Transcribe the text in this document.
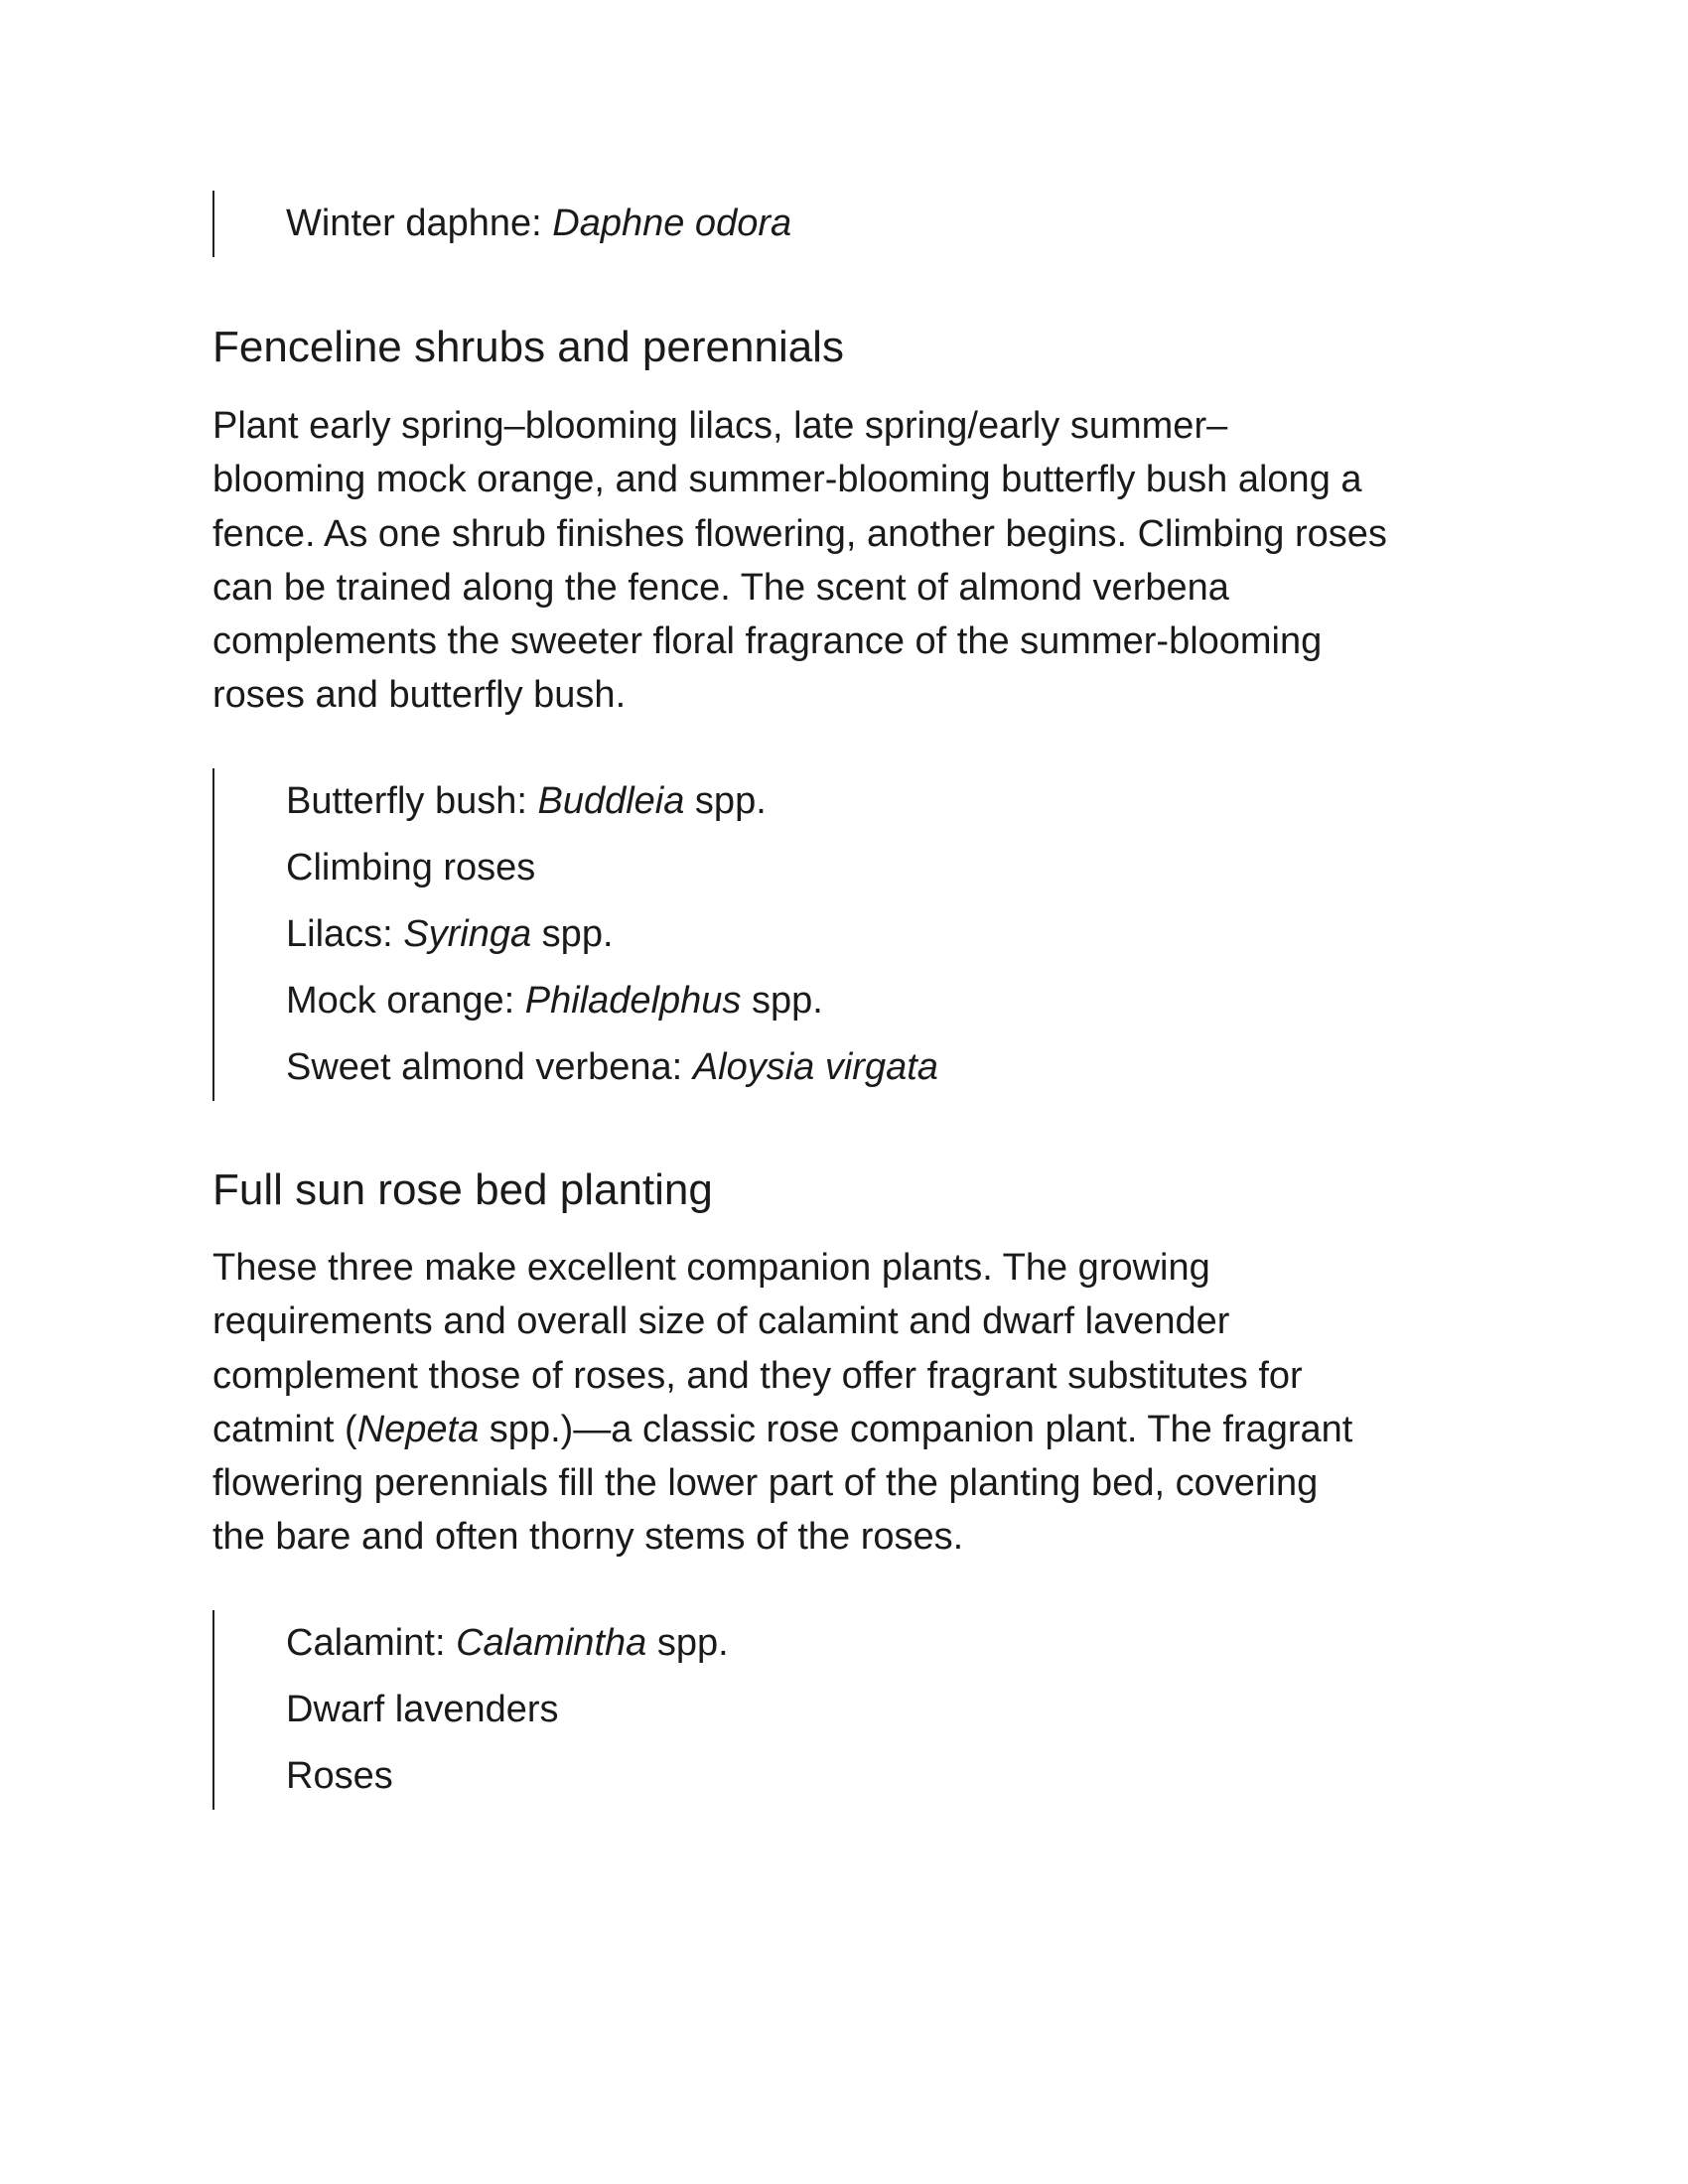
Winter daphne: Daphne odora
Fenceline shrubs and perennials
Plant early spring–blooming lilacs, late spring/early summer–
blooming mock orange, and summer-blooming butterfly bush along a
fence. As one shrub finishes flowering, another begins. Climbing roses
can be trained along the fence. The scent of almond verbena
complements the sweeter floral fragrance of the summer-blooming
roses and butterfly bush.
Butterfly bush: Buddleia spp.
Climbing roses
Lilacs: Syringa spp.
Mock orange: Philadelphus spp.
Sweet almond verbena: Aloysia virgata
Full sun rose bed planting
These three make excellent companion plants. The growing
requirements and overall size of calamint and dwarf lavender
complement those of roses, and they offer fragrant substitutes for
catmint (Nepeta spp.)—a classic rose companion plant. The fragrant
flowering perennials fill the lower part of the planting bed, covering
the bare and often thorny stems of the roses.
Calamint: Calamintha spp.
Dwarf lavenders
Roses
